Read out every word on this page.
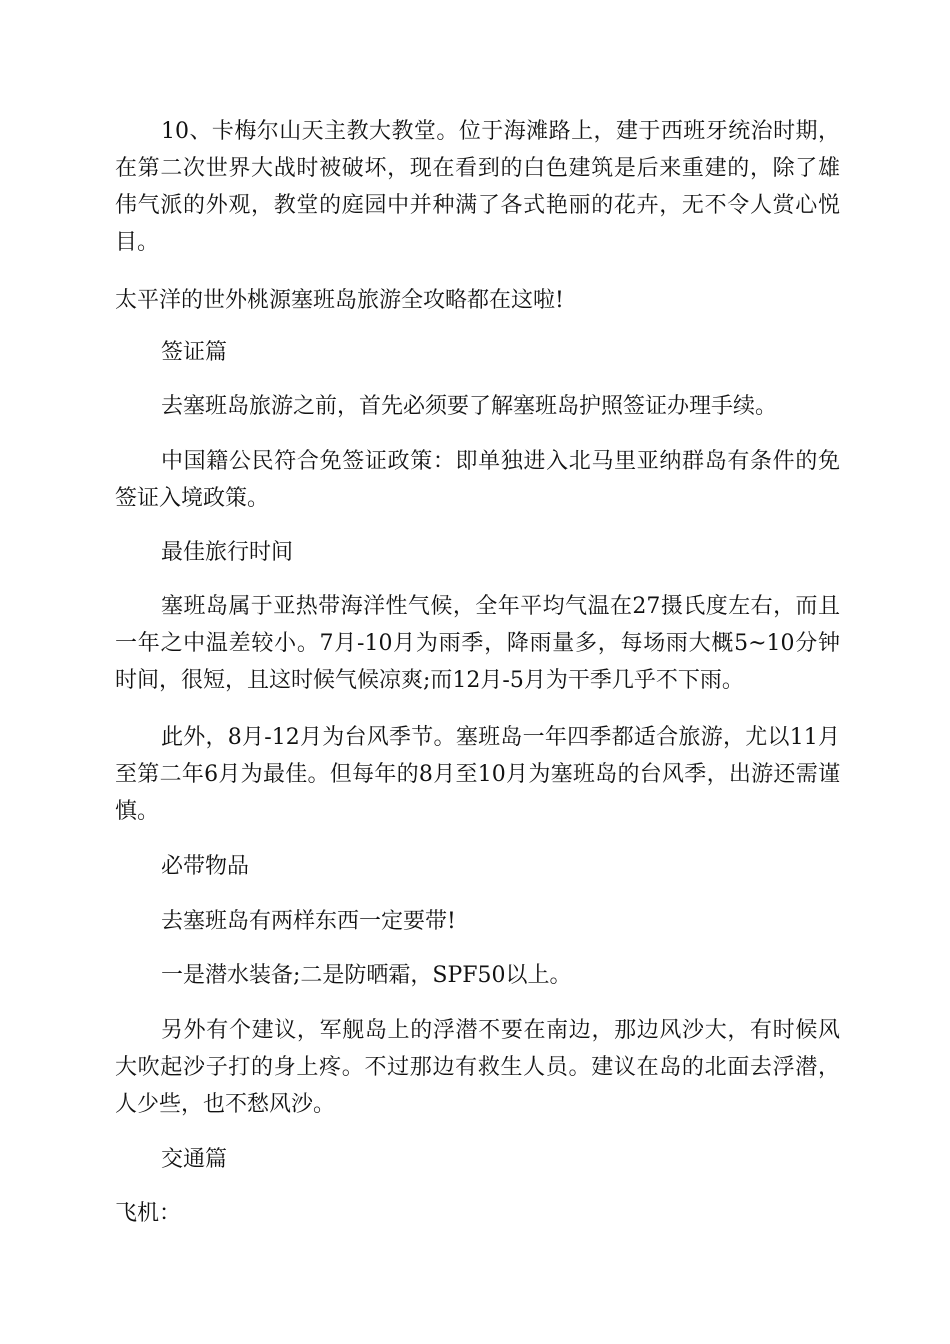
10、卡梅尔山天主教大教堂。位于海滩路上，建于西班牙统治时期，在第二次世界大战时被破坏，现在看到的白色建筑是后来重建的，除了雄伟气派的外观，教堂的庭园中并种满了各式艳丽的花卉，无不令人赏心悦目。

太平洋的世外桃源塞班岛旅游全攻略都在这啦!

签证篇

去塞班岛旅游之前，首先必须要了解塞班岛护照签证办理手续。

中国籍公民符合免签证政策：即单独进入北马里亚纳群岛有条件的免签证入境政策。

最佳旅行时间

塞班岛属于亚热带海洋性气候，全年平均气温在27摄氏度左右，而且一年之中温差较小。7月-10月为雨季，降雨量多，每场雨大概5~10分钟时间，很短，且这时候气候凉爽;而12月-5月为干季几乎不下雨。

此外，8月-12月为台风季节。塞班岛一年四季都适合旅游，尤以11月至第二年6月为最佳。但每年的8月至10月为塞班岛的台风季，出游还需谨慎。

必带物品

去塞班岛有两样东西一定要带!

一是潜水装备;二是防晒霜，SPF50以上。

另外有个建议，军舰岛上的浮潜不要在南边，那边风沙大，有时候风大吹起沙子打的身上疼。不过那边有救生人员。建议在岛的北面去浮潜，人少些，也不愁风沙。

交通篇

飞机：
